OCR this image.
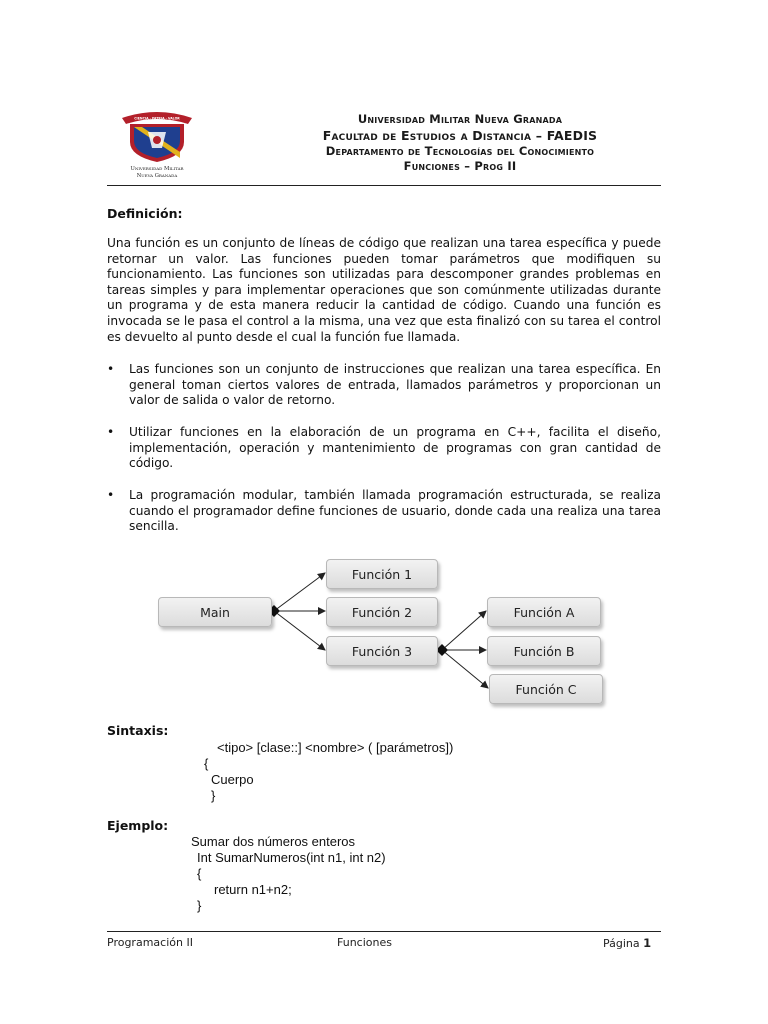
CIENCIA · PATRIA · VALOR
Universidad Militar
Nueva Granada
Universidad Militar Nueva Granada
Facultad de Estudios a Distancia – FAEDIS
Departamento de Tecnologías del Conocimiento
Funciones – Prog II
Definición:
Una función es un conjunto de líneas de código que realizan una tarea específica y puede retornar un valor. Las funciones pueden tomar parámetros que modifiquen su funcionamiento. Las funciones son utilizadas para descomponer grandes problemas en tareas simples y para implementar operaciones que son comúnmente utilizadas durante un programa y de esta manera reducir la cantidad de código. Cuando una función es invocada se le pasa el control a la misma, una vez que esta finalizó con su tarea el control es devuelto al punto desde el cual la función fue llamada.
•	Las funciones son un conjunto de instrucciones que realizan una tarea específica. En general toman ciertos valores de entrada, llamados parámetros y proporcionan un valor de salida o valor de retorno.
•	Utilizar funciones en la elaboración de un programa en C++, facilita el diseño, implementación, operación y mantenimiento de programas con gran cantidad de código.
•	La programación modular, también llamada programación estructurada, se realiza cuando el programador define funciones de usuario, donde cada una realiza una tarea sencilla.
Main
Función 1
Función 2
Función 3
Función A
Función B
Función C
Sintaxis:
<tipo> [clase::] <nombre> ( [parámetros])
{
Cuerpo
}
Ejemplo:
Sumar dos números enteros
Int SumarNumeros(int n1, int n2)
{
return n1+n2;
}
Programación II	Funciones	Página 1
